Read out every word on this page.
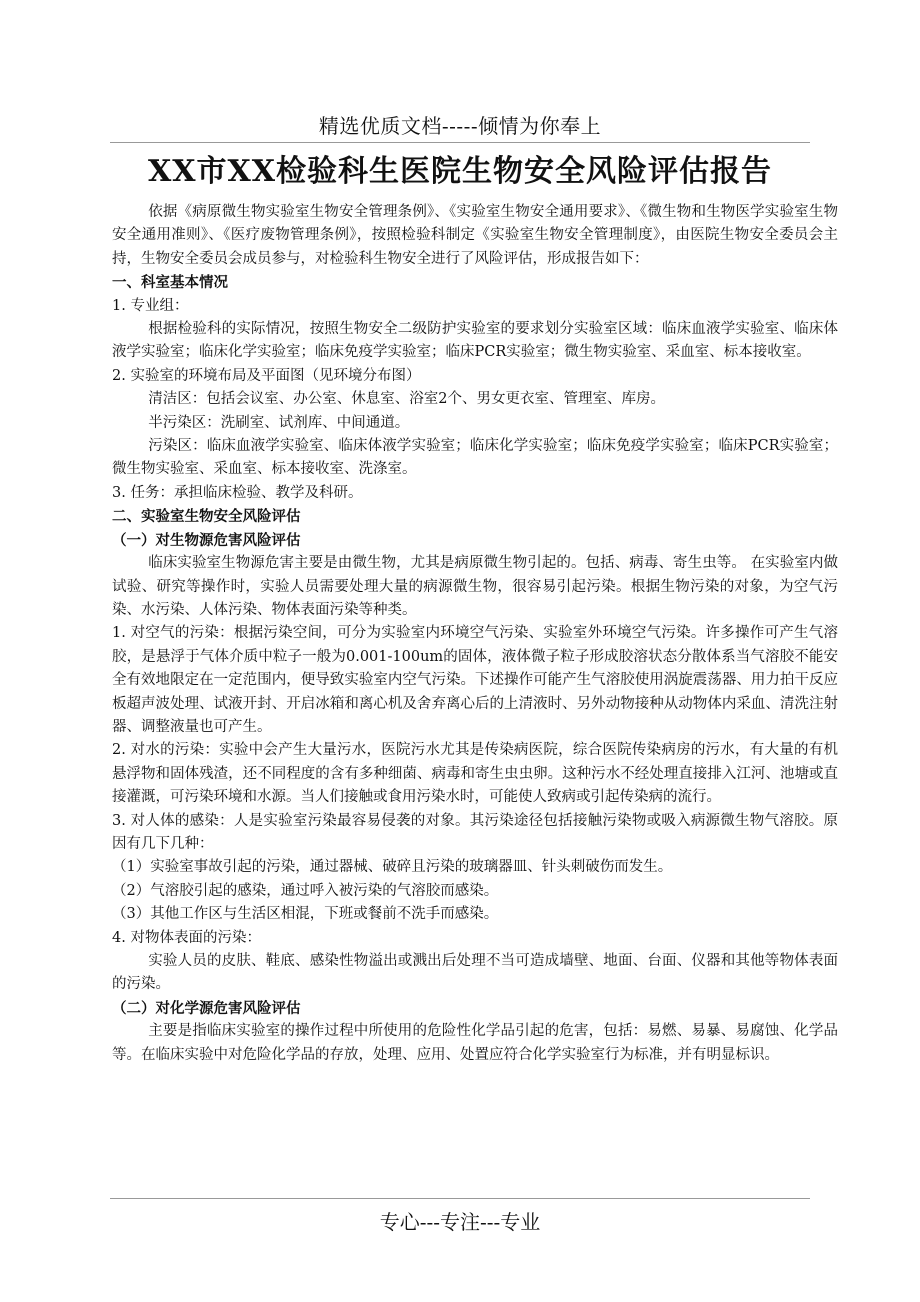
精选优质文档-----倾情为你奉上
XX市XX检验科生医院生物安全风险评估报告

依据《病原微生物实验室生物安全管理条例》、《实验室生物安全通用要求》、《微生物和生物医学实验室生物安全通用准则》、《医疗废物管理条例》，按照检验科制定《实验室生物安全管理制度》，由医院生物安全委员会主持，生物安全委员会成员参与，对检验科生物安全进行了风险评估，形成报告如下：

一、科室基本情况

1. 专业组：

根据检验科的实际情况，按照生物安全二级防护实验室的要求划分实验室区域：临床血液学实验室、临床体液学实验室；临床化学实验室；临床免疫学实验室；临床PCR实验室；微生物实验室、采血室、标本接收室。

2. 实验室的环境布局及平面图（见环境分布图）

清洁区：包括会议室、办公室、休息室、浴室2个、男女更衣室、管理室、库房。

半污染区：洗刷室、试剂库、中间通道。

污染区：临床血液学实验室、临床体液学实验室；临床化学实验室；临床免疫学实验室；临床PCR实验室；微生物实验室、采血室、标本接收室、洗涤室。

3. 任务：承担临床检验、教学及科研。

二、实验室生物安全风险评估

（一）对生物源危害风险评估

临床实验室生物源危害主要是由微生物，尤其是病原微生物引起的。包括、病毒、寄生虫等。 在实验室内做试验、研究等操作时，实验人员需要处理大量的病源微生物，很容易引起污染。根据生物污染的对象，为空气污染、水污染、人体污染、物体表面污染等种类。

1. 对空气的污染：根据污染空间，可分为实验室内环境空气污染、实验室外环境空气污染。许多操作可产生气溶胶，是悬浮于气体介质中粒子一般为0.001-100um的固体，液体微子粒子形成胶溶状态分散体系当气溶胶不能安全有效地限定在一定范围内，便导致实验室内空气污染。下述操作可能产生气溶胶使用涡旋震荡器、用力拍干反应板超声波处理、试液开封、开启冰箱和离心机及舍弃离心后的上清液时、另外动物接种从动物体内采血、清洗注射器、调整液量也可产生。

2. 对水的污染：实验中会产生大量污水，医院污水尤其是传染病医院，综合医院传染病房的污水，有大量的有机悬浮物和固体残渣，还不同程度的含有多种细菌、病毒和寄生虫虫卵。这种污水不经处理直接排入江河、池塘或直接灌溉，可污染环境和水源。当人们接触或食用污染水时，可能使人致病或引起传染病的流行。

3. 对人体的感染：人是实验室污染最容易侵袭的对象。其污染途径包括接触污染物或吸入病源微生物气溶胶。原因有几下几种：

（1）实验室事故引起的污染，通过器械、破碎且污染的玻璃器皿、针头刺破伤而发生。

（2）气溶胶引起的感染，通过呼入被污染的气溶胶而感染。

（3）其他工作区与生活区相混，下班或餐前不洗手而感染。

4. 对物体表面的污染：

实验人员的皮肤、鞋底、感染性物溢出或溅出后处理不当可造成墙壁、地面、台面、仪器和其他等物体表面的污染。

（二）对化学源危害风险评估

主要是指临床实验室的操作过程中所使用的危险性化学品引起的危害，包括：易燃、易暴、易腐蚀、化学品等。在临床实验中对危险化学品的存放，处理、应用、处置应符合化学实验室行为标准，并有明显标识。

专心---专注---专业
